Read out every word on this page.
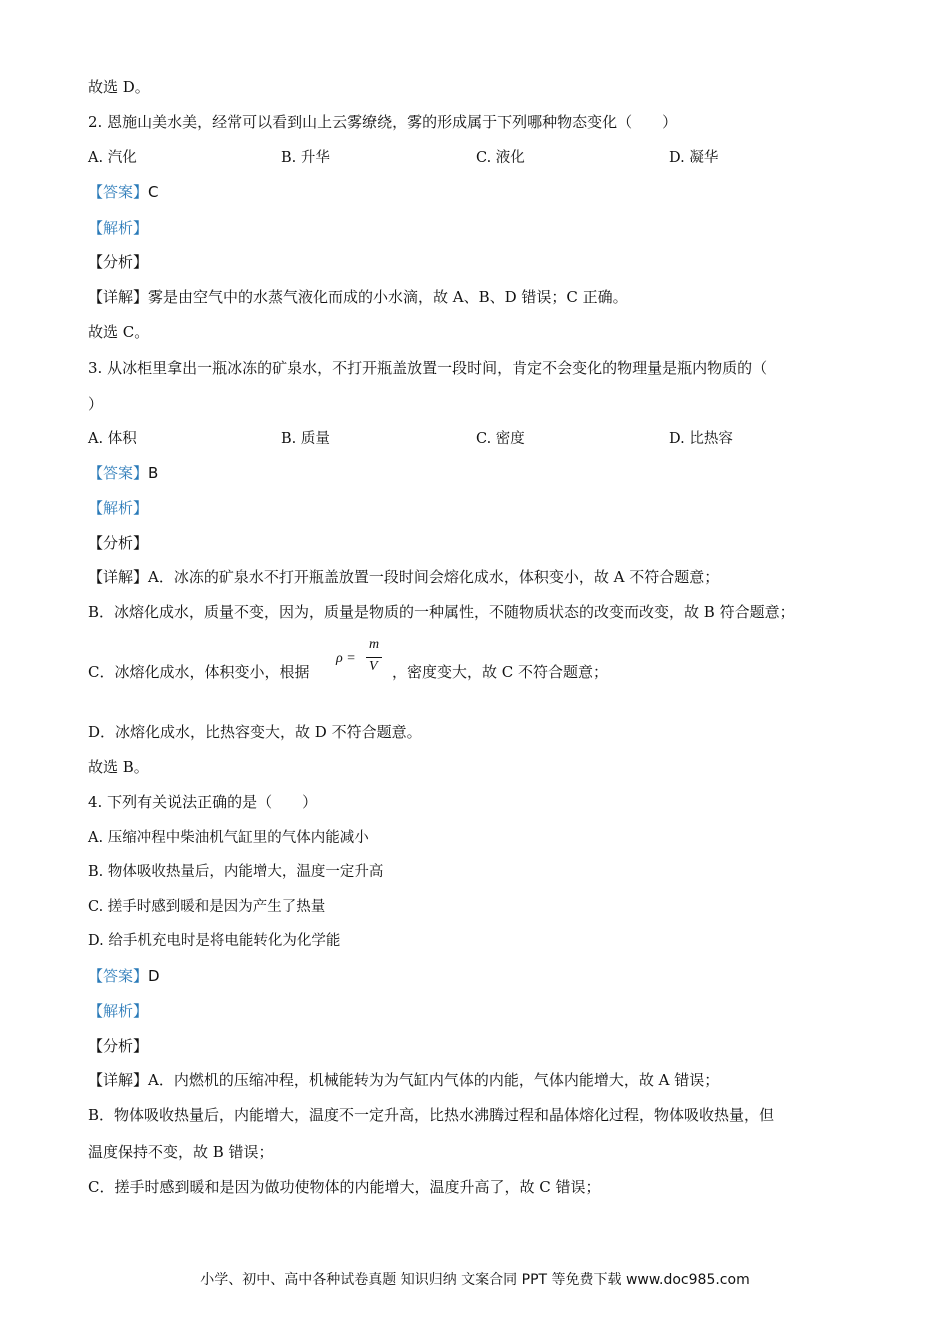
故选 D。
2. 恩施山美水美，经常可以看到山上云雾缭绕，雾的形成属于下列哪种物态变化（　　）
A. 汽化	B. 升华	C. 液化	D. 凝华
【答案】C
【解析】
【分析】
【详解】雾是由空气中的水蒸气液化而成的小水滴，故 A、B、D 错误；C 正确。
故选 C。
3. 从冰柜里拿出一瓶冰冻的矿泉水，不打开瓶盖放置一段时间，肯定不会变化的物理量是瓶内物质的（
）
A. 体积	B. 质量	C. 密度	D. 比热容
【答案】B
【解析】
【分析】
【详解】A．冰冻的矿泉水不打开瓶盖放置一段时间会熔化成水，体积变小，故 A 不符合题意；
B．冰熔化成水，质量不变，因为，质量是物质的一种属性，不随物质状态的改变而改变，故 B 符合题意；
C．冰熔化成水，体积变小，根据
ρ =
m
V ，密度变大，故 C 不符合题意；
D．冰熔化成水，比热容变大，故 D 不符合题意。
故选 B。
4. 下列有关说法正确的是（　　）
A. 压缩冲程中柴油机气缸里的气体内能减小
B. 物体吸收热量后，内能增大，温度一定升高
C. 搓手时感到暖和是因为产生了热量
D. 给手机充电时是将电能转化为化学能
【答案】D
【解析】
【分析】
【详解】A．内燃机的压缩冲程，机械能转为为气缸内气体的内能，气体内能增大，故 A 错误；
B．物体吸收热量后，内能增大，温度不一定升高，比热水沸腾过程和晶体熔化过程，物体吸收热量，但
温度保持不变，故 B 错误；
C．搓手时感到暖和是因为做功使物体的内能增大，温度升高了，故 C 错误；
小学、初中、高中各种试卷真题 知识归纳 文案合同 PPT 等免费下载 www.doc985.com
